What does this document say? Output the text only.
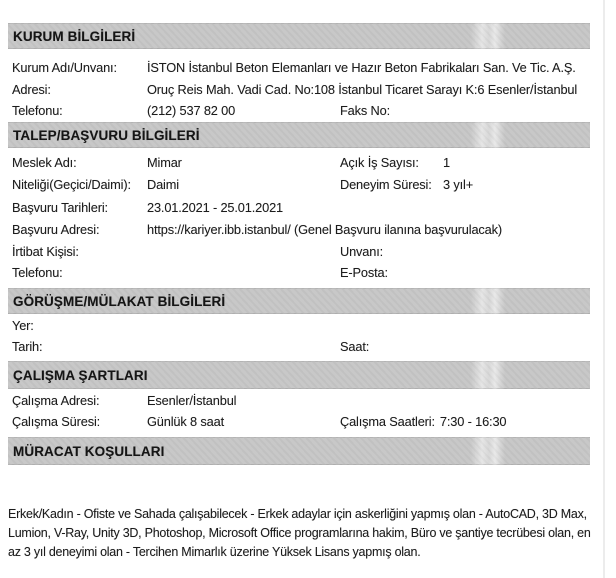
KURUM BİLGİLERİ
Kurum Adı/Unvanı: İSTON İstanbul Beton Elemanları ve Hazır Beton Fabrikaları San. Ve Tic. A.Ş.
Adresi:	Oruç Reis Mah. Vadi Cad. No:108 İstanbul Ticaret Sarayı K:6 Esenler/İstanbul
Telefonu:	(212) 537 82 00	Faks No:
TALEP/BAŞVURU BİLGİLERİ
Meslek Adı:	Mimar	Açık İş Sayısı:	1
Niteliği(Geçici/Daimi): Daimi	Deneyim Süresi: 3 yıl+
Başvuru Tarihleri:	23.01.2021 - 25.01.2021
Başvuru Adresi:	https://kariyer.ibb.istanbul/ (Genel Başvuru ilanına başvurulacak)
İrtibat Kişisi:	Unvanı:
Telefonu:	E-Posta:
GÖRÜŞME/MÜLAKAT BİLGİLERİ
Yer:
Tarih:	Saat:
ÇALIŞMA ŞARTLARI
Çalışma Adresi:	Esenler/İstanbul
Çalışma Süresi:	Günlük 8 saat	Çalışma Saatleri: 7:30 - 16:30
MÜRACAT KOŞULLARI
Erkek/Kadın - Ofiste ve Sahada çalışabilecek - Erkek adaylar için askerliğini yapmış olan - AutoCAD, 3D Max, Lumion, V-Ray, Unity 3D, Photoshop, Microsoft Office programlarına hakim, Büro ve şantiye tecrübesi olan, en az 3 yıl deneyimi olan - Tercihen Mimarlık üzerine Yüksek Lisans yapmış olan.
